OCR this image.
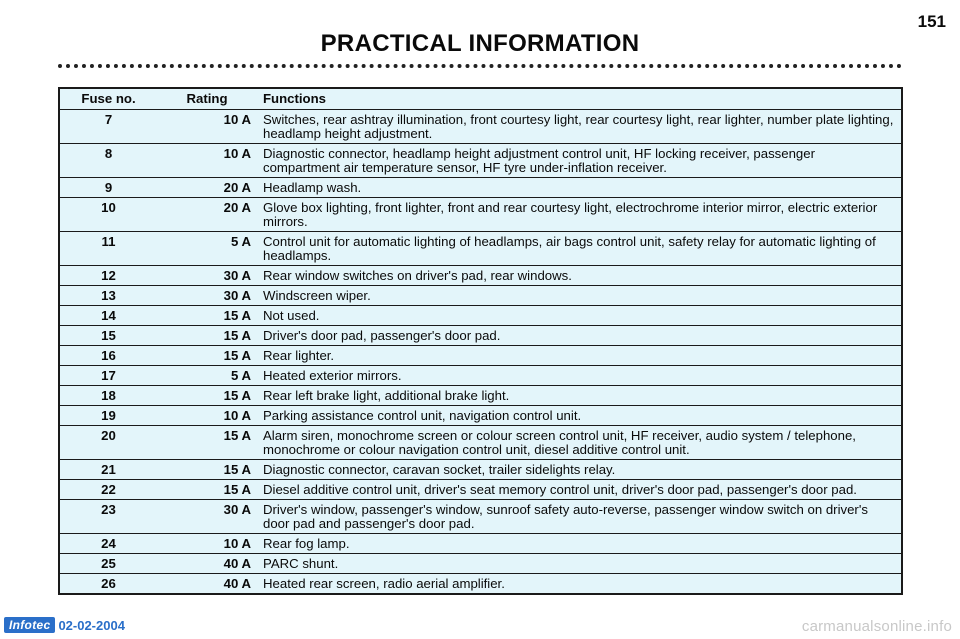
151
PRACTICAL INFORMATION
Fuse no.	Rating	Functions
7	10 A	Switches, rear ashtray illumination, front courtesy light, rear courtesy light, rear lighter, number plate lighting, headlamp height adjustment.
8	10 A	Diagnostic connector, headlamp height adjustment control unit, HF locking receiver, passenger compartment air temperature sensor, HF tyre under-inflation receiver.
9	20 A	Headlamp wash.
10	20 A	Glove box lighting, front lighter, front and rear courtesy light, electrochrome interior mirror, electric exterior mirrors.
11	5 A	Control unit for automatic lighting of headlamps, air bags control unit, safety relay for automatic lighting of headlamps.
12	30 A	Rear window switches on driver's pad, rear windows.
13	30 A	Windscreen wiper.
14	15 A	Not used.
15	15 A	Driver's door pad, passenger's door pad.
16	15 A	Rear lighter.
17	5 A	Heated exterior mirrors.
18	15 A	Rear left brake light, additional brake light.
19	10 A	Parking assistance control unit, navigation control unit.
20	15 A	Alarm siren, monochrome screen or colour screen control unit, HF receiver, audio system / telephone, monochrome or colour navigation control unit, diesel additive control unit.
21	15 A	Diagnostic connector, caravan socket, trailer sidelights relay.
22	15 A	Diesel additive control unit, driver's seat memory control unit, driver's door pad, passenger's door pad.
23	30 A	Driver's window, passenger's window, sunroof safety auto-reverse, passenger window switch on driver's door pad and passenger's door pad.
24	10 A	Rear fog lamp.
25	40 A	PARC shunt.
26	40 A	Heated rear screen, radio aerial amplifier.
Infotec 02-02-2004	carmanualsonline.info
